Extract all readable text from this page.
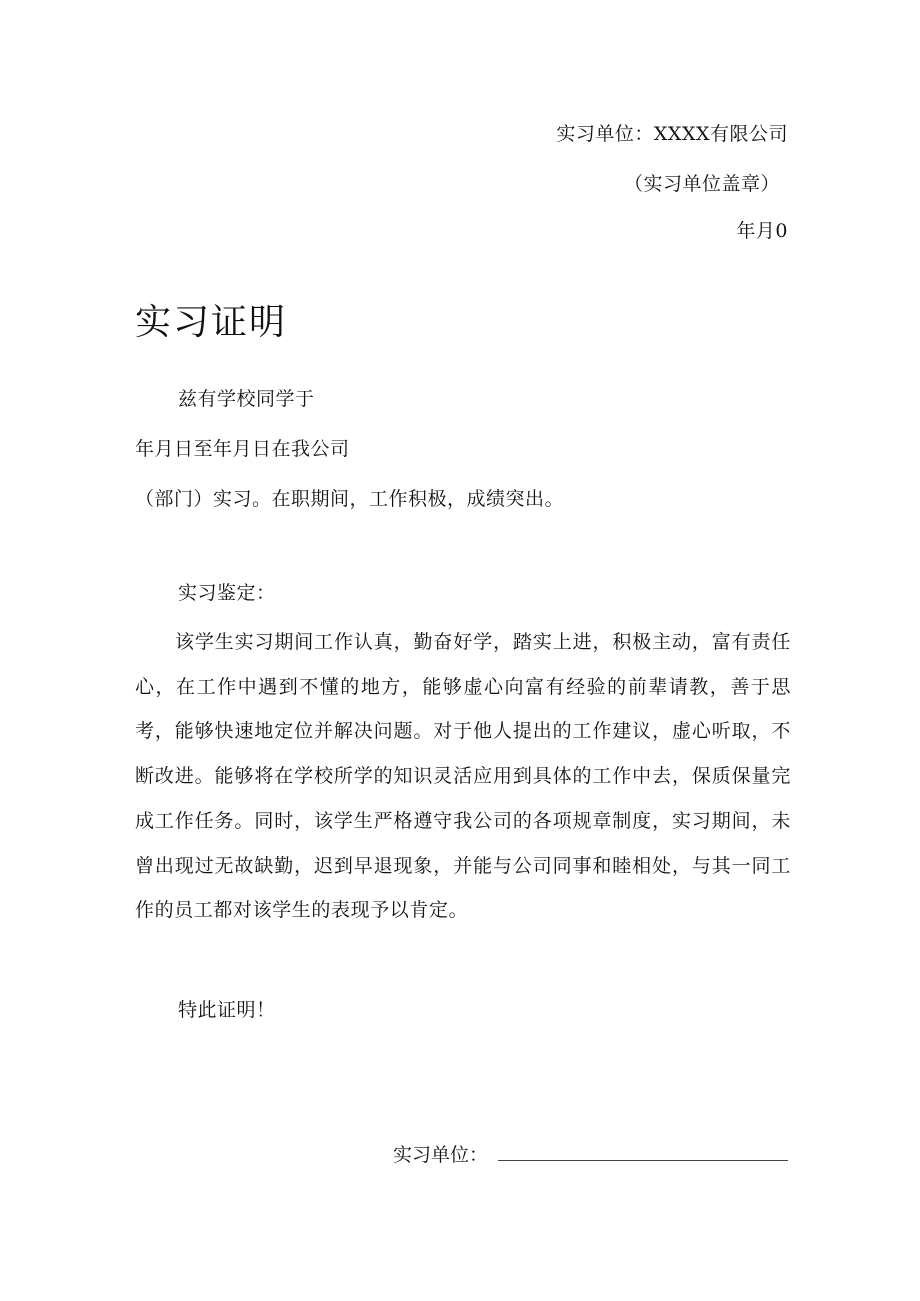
实习单位：XXXX有限公司
（实习单位盖章）
年月0
实习证明
兹有学校同学于
年月日至年月日在我公司
（部门）实习。在职期间，工作积极，成绩突出。
实习鉴定：

该学生实习期间工作认真，勤奋好学，踏实上进，积极主动，富有责任心，在工作中遇到不懂的地方，能够虚心向富有经验的前辈请教，善于思考，能够快速地定位并解决问题。对于他人提出的工作建议，虚心听取，不断改进。能够将在学校所学的知识灵活应用到具体的工作中去，保质保量完成工作任务。同时，该学生严格遵守我公司的各项规章制度，实习期间，未曾出现过无故缺勤，迟到早退现象，并能与公司同事和睦相处，与其一同工作的员工都对该学生的表现予以肯定。

特此证明！
实习单位：
